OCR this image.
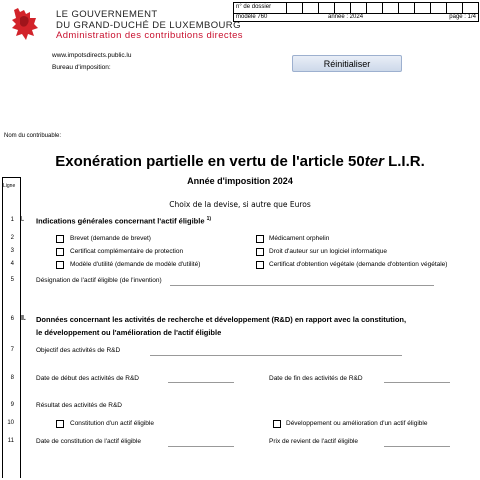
LE GOUVERNEMENT
DU GRAND-DUCHÉ DE LUXEMBOURG
Administration des contributions directes
www.impotsdirects.public.lu
Bureau d'imposition:	Réinitialiser
n° de dossier
modèle 760	année : 2024	page : 1/4
Nom du contribuable:
Exonération partielle en vertu de l'article 50ter L.I.R.
Année d'imposition 2024
Choix de la devise, si autre que Euros
Ligne
1 I. Indications générales concernant l'actif éligible $^{1)}$
2	Brevet (demande de brevet)	Médicament orphelin
3	Certificat complémentaire de protection	Droit d'auteur sur un logiciel informatique
4	Modèle d'utilité (demande de modèle d'utilité)	Certificat d'obtention végétale (demande d'obtention végétale)
5	Désignation de l'actif éligible (de l'invention)
6 II. Données concernant les activités de recherche et développement (R&D) en rapport avec la constitution,
le développement ou l'amélioration de l'actif éligible
7	Objectif des activités de R&D
8	Date de début des activités de R&D	Date de fin des activités de R&D
9	Résultat des activités de R&D
10	Constitution d'un actif éligible	Développement ou amélioration d'un actif éligible
11	Date de constitution de l'actif éligible	Prix de revient de l'actif éligible
